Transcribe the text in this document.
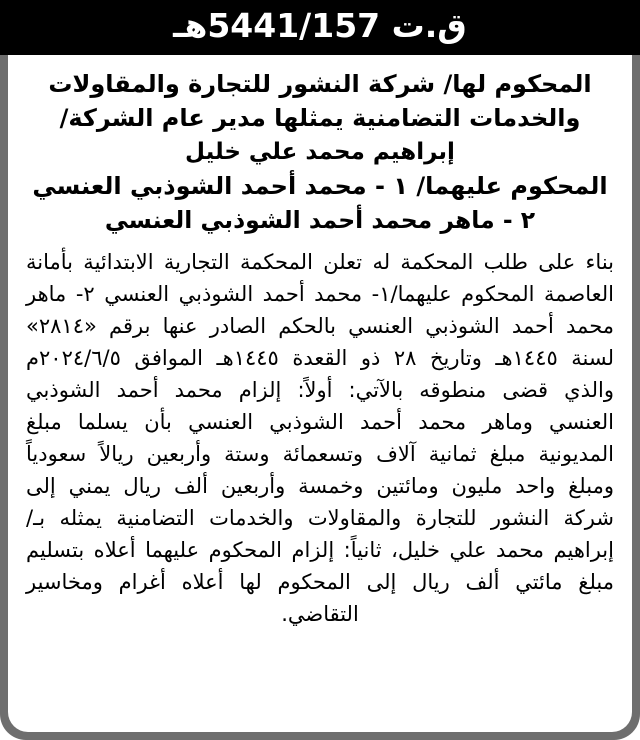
ق.ت 751/1445هـ
المحكوم لها/ شركة النشور للتجارة والمقاولات
والخدمات التضامنية يمثلها مدير عام الشركة/
إبراهيم محمد علي خليل
المحكوم عليهما/ ١ - محمد أحمد الشوذبي العنسي
٢ - ماهر محمد أحمد الشوذبي العنسي
بناء على طلب المحكمة له تعلن المحكمة التجارية الابتدائية بأمانة العاصمة المحكوم عليهما/١- محمد أحمد الشوذبي العنسي ٢- ماهر محمد أحمد الشوذبي العنسي بالحكم الصادر عنها برقم «٢٨١٤» لسنة ١٤٤٥هـ وتاريخ ٢٨ ذو القعدة ١٤٤٥هـ الموافق ٢٠٢٤/٦/٥م والذي قضى منطوقه بالآتي: أولاً: إلزام محمد أحمد الشوذبي العنسي وماهر محمد أحمد الشوذبي العنسي بأن يسلما مبلغ المديونية مبلغ ثمانية آلاف وتسعمائة وستة وأربعين ريالاً سعودياً ومبلغ واحد مليون ومائتين وخمسة وأربعين ألف ريال يمني إلى شركة النشور للتجارة والمقاولات والخدمات التضامنية يمثله بـ/ إبراهيم محمد علي خليل، ثانياً: إلزام المحكوم عليهما أعلاه بتسليم مبلغ مائتي ألف ريال إلى المحكوم لها أعلاه أغرام ومخاسير التقاضي.
